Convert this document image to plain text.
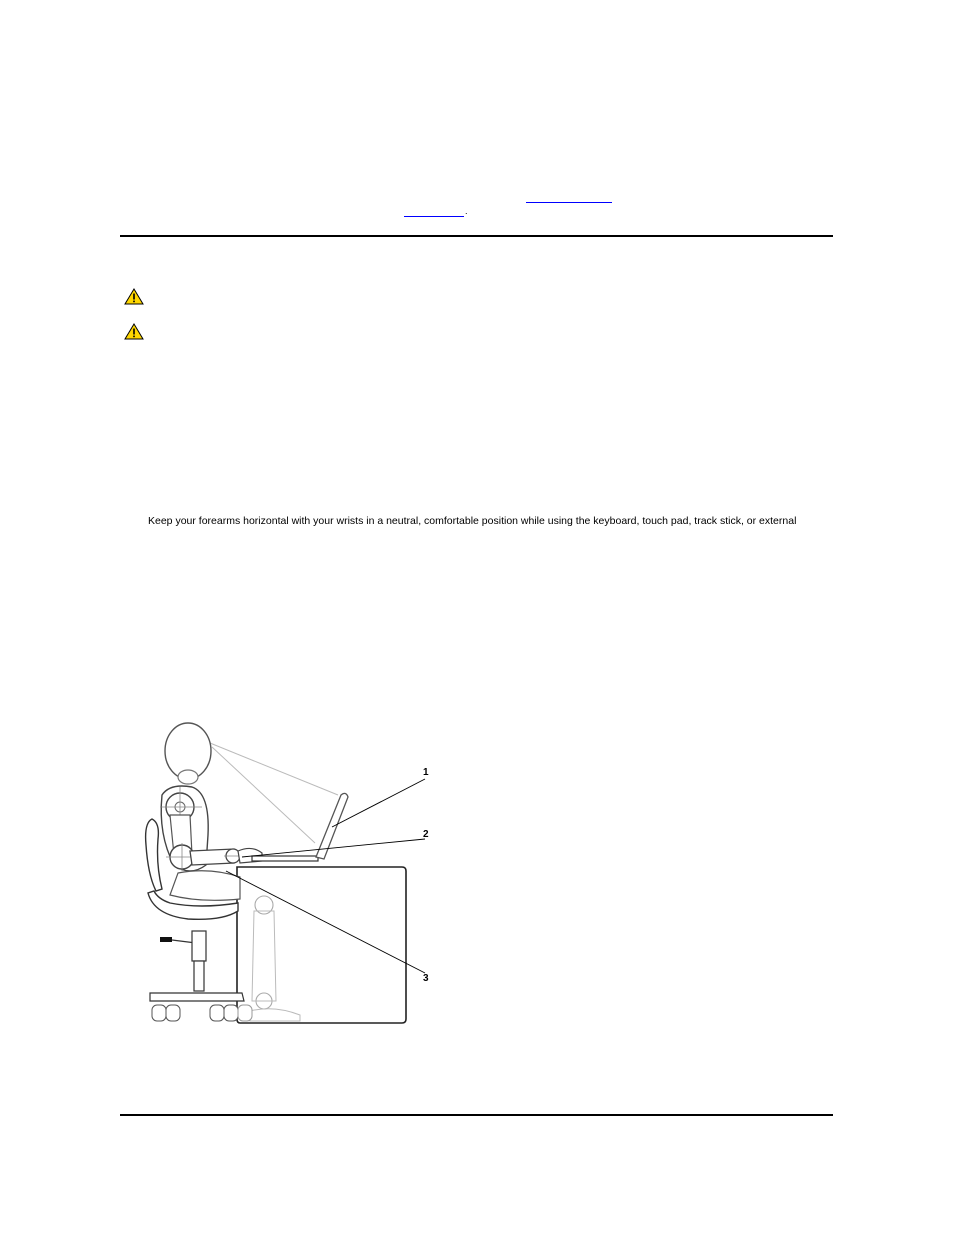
.
Keep your forearms horizontal with your wrists in a neutral, comfortable position while using the keyboard, touch pad, track stick, or external
1
2
3
